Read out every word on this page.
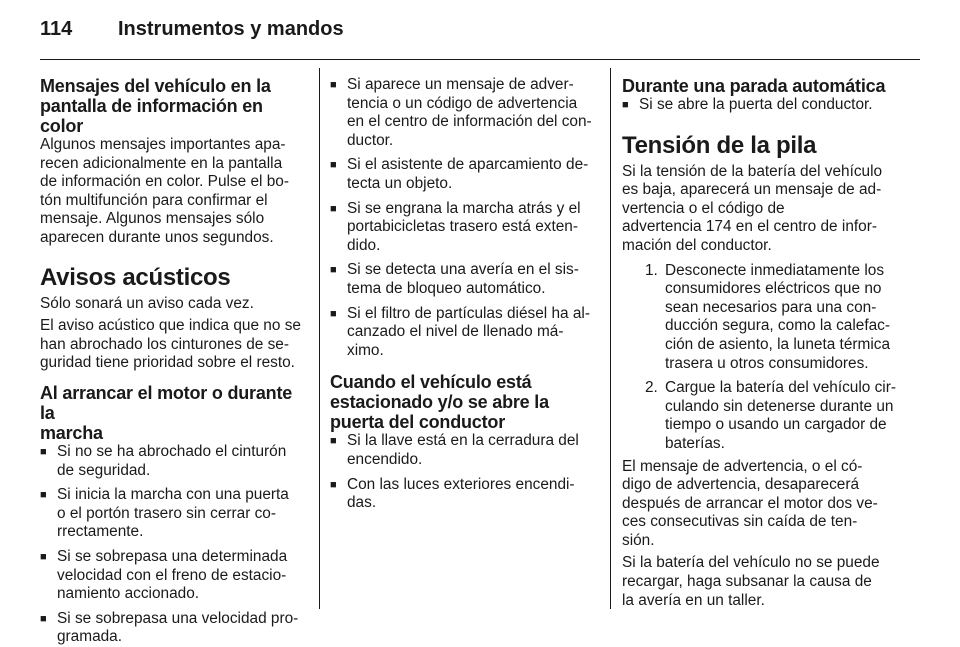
114 Instrumentos y mandos
Mensajes del vehículo en la
pantalla de información en color

Algunos mensajes importantes apa-
recen adicionalmente en la pantalla
de información en color. Pulse el bo-
tón multifunción para confirmar el
mensaje. Algunos mensajes sólo
aparecen durante unos segundos.

Avisos acústicos

Sólo sonará un aviso cada vez.

El aviso acústico que indica que no se
han abrochado los cinturones de se-
guridad tiene prioridad sobre el resto.

Al arrancar el motor o durante la
marcha
■ Si no se ha abrochado el cinturón
de seguridad.
■ Si inicia la marcha con una puerta
o el portón trasero sin cerrar co-
rrectamente.
■ Si se sobrepasa una determinada
velocidad con el freno de estacio-
namiento accionado.
■ Si se sobrepasa una velocidad pro-
gramada.
■ Si aparece un mensaje de adver-
tencia o un código de advertencia
en el centro de información del con-
ductor.
■ Si el asistente de aparcamiento de-
tecta un objeto.
■ Si se engrana la marcha atrás y el
portabicicletas trasero está exten-
dido.
■ Si se detecta una avería en el sis-
tema de bloqueo automático.
■ Si el filtro de partículas diésel ha al-
canzado el nivel de llenado má-
ximo.
Cuando el vehículo está
estacionado y/o se abre la
puerta del conductor
■ Si la llave está en la cerradura del
encendido.
■ Con las luces exteriores encendi-
das.
Durante una parada automática
■ Si se abre la puerta del conductor.
Tensión de la pila

Si la tensión de la batería del vehículo
es baja, aparecerá un mensaje de ad-
vertencia o el código de
advertencia 174 en el centro de infor-
mación del conductor.

1. Desconecte inmediatamente los
consumidores eléctricos que no
sean necesarios para una con-
ducción segura, como la calefac-
ción de asiento, la luneta térmica
trasera u otros consumidores.
2. Cargue la batería del vehículo cir-
culando sin detenerse durante un
tiempo o usando un cargador de
baterías.

El mensaje de advertencia, o el có-
digo de advertencia, desaparecerá
después de arrancar el motor dos ve-
ces consecutivas sin caída de ten-
sión.

Si la batería del vehículo no se puede
recargar, haga subsanar la causa de
la avería en un taller.
